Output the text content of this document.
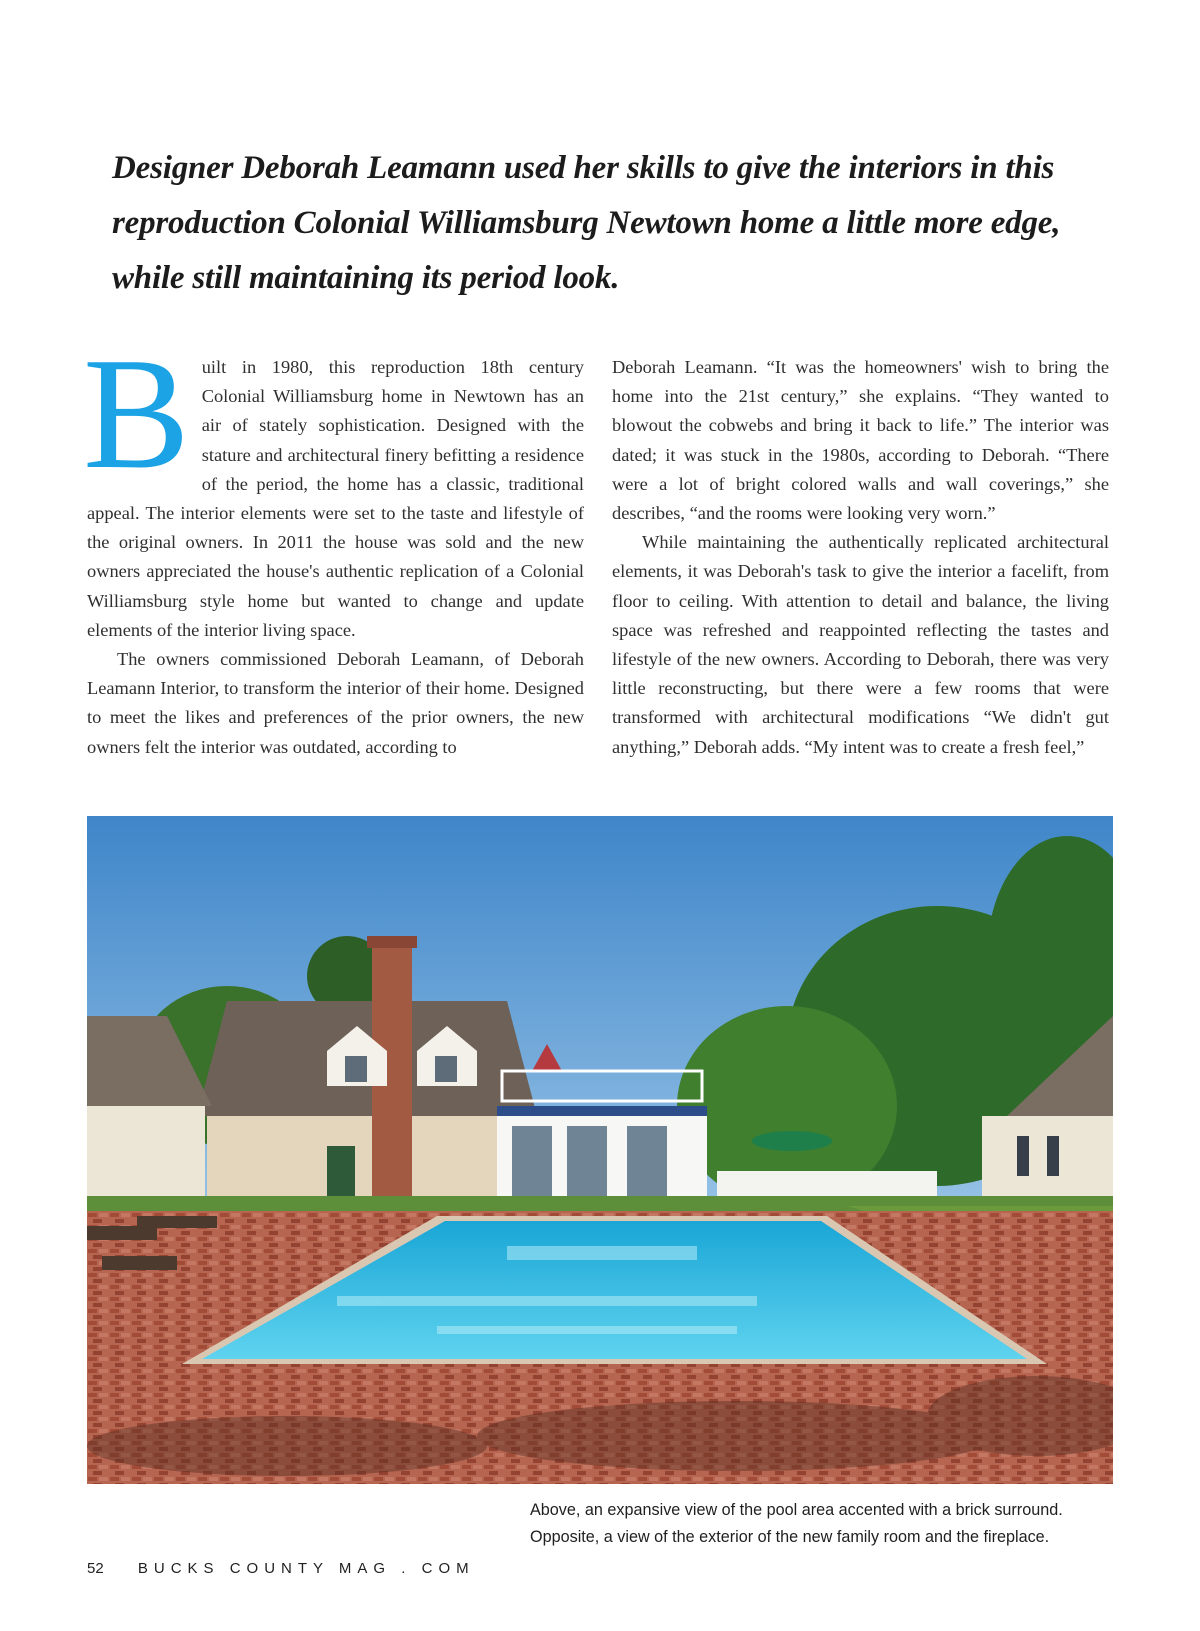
Designer Deborah Leamann used her skills to give the interiors in this reproduction Colonial Williamsburg Newtown home a little more edge, while still maintaining its period look.

Built in 1980, this reproduction 18th century Colonial Williamsburg home in Newtown has an air of stately sophistication. Designed with the stature and architectural finery befitting a residence of the period, the home has a classic, traditional appeal. The interior elements were set to the taste and lifestyle of the original owners. In 2011 the house was sold and the new owners appreciated the house's authentic replication of a Colonial Williamsburg style home but wanted to change and update elements of the interior living space.

The owners commissioned Deborah Leamann, of Deborah Leamann Interior, to transform the interior of their home. Designed to meet the likes and preferences of the prior owners, the new owners felt the interior was outdated, according to

Deborah Leamann. “It was the homeowners' wish to bring the home into the 21st century,” she explains. “They wanted to blowout the cobwebs and bring it back to life.” The interior was dated; it was stuck in the 1980s, according to Deborah. “There were a lot of bright colored walls and wall coverings,” she describes, “and the rooms were looking very worn.”

While maintaining the authentically replicated architectural elements, it was Deborah's task to give the interior a facelift, from floor to ceiling. With attention to detail and balance, the living space was refreshed and reappointed reflecting the tastes and lifestyle of the new owners. According to Deborah, there was very little reconstructing, but there were a few rooms that were transformed with architectural modifications “We didn't gut anything,” Deborah adds. “My intent was to create a fresh feel,”

Above, an expansive view of the pool area accented with a brick surround.
Opposite, a view of the exterior of the new family room and the fireplace.
52 BUCKS COUNTY MAG . COM
